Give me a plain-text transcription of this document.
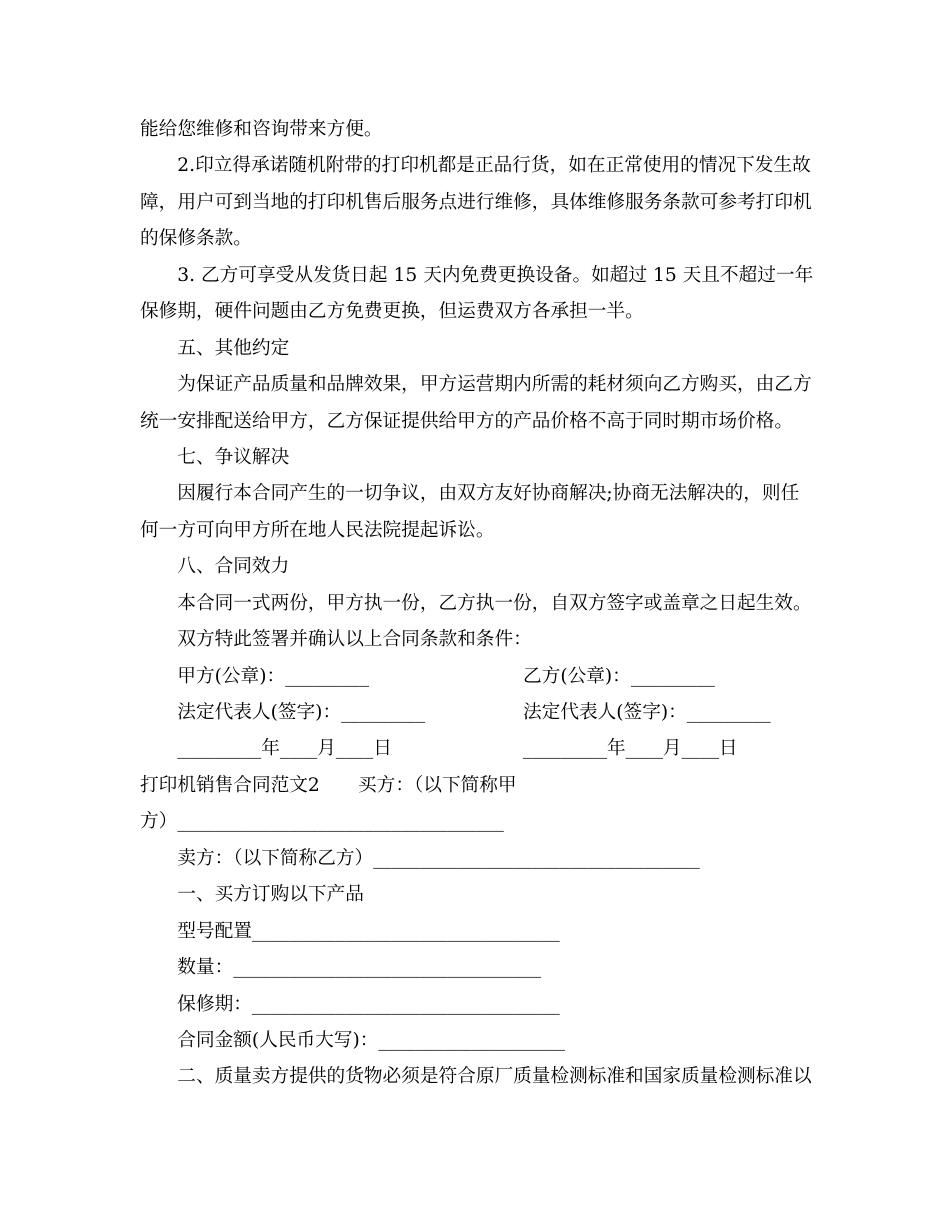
能给您维修和咨询带来方便。
2.印立得承诺随机附带的打印机都是正品行货，如在正常使用的情况下发生故
障，用户可到当地的打印机售后服务点进行维修，具体维修服务条款可参考打印机
的保修条款。
3. 乙方可享受从发货日起 15 天内免费更换设备。如超过 15 天且不超过一年
保修期，硬件问题由乙方免费更换，但运费双方各承担一半。
五、其他约定
为保证产品质量和品牌效果，甲方运营期内所需的耗材须向乙方购买，由乙方
统一安排配送给甲方，乙方保证提供给甲方的产品价格不高于同时期市场价格。
七、争议解决
因履行本合同产生的一切争议，由双方友好协商解决;协商无法解决的，则任
何一方可向甲方所在地人民法院提起诉讼。
八、合同效力
本合同一式两份，甲方执一份，乙方执一份，自双方签字或盖章之日起生效。
双方特此签署并确认以上合同条款和条件：
甲方(公章)：_________	乙方(公章)：_________
法定代表人(签字)：_________	法定代表人(签字)：_________
_________年____月____日	_________年____月____日
打印机销售合同范文2 买方：（以下简称甲
方）___________________________________
卖方：（以下简称乙方）___________________________________
一、买方订购以下产品
型号配置_________________________________
数量：_________________________________
保修期：_________________________________
合同金额(人民币大写)：____________________
二、质量卖方提供的货物必须是符合原厂质量检测标准和国家质量检测标准以
